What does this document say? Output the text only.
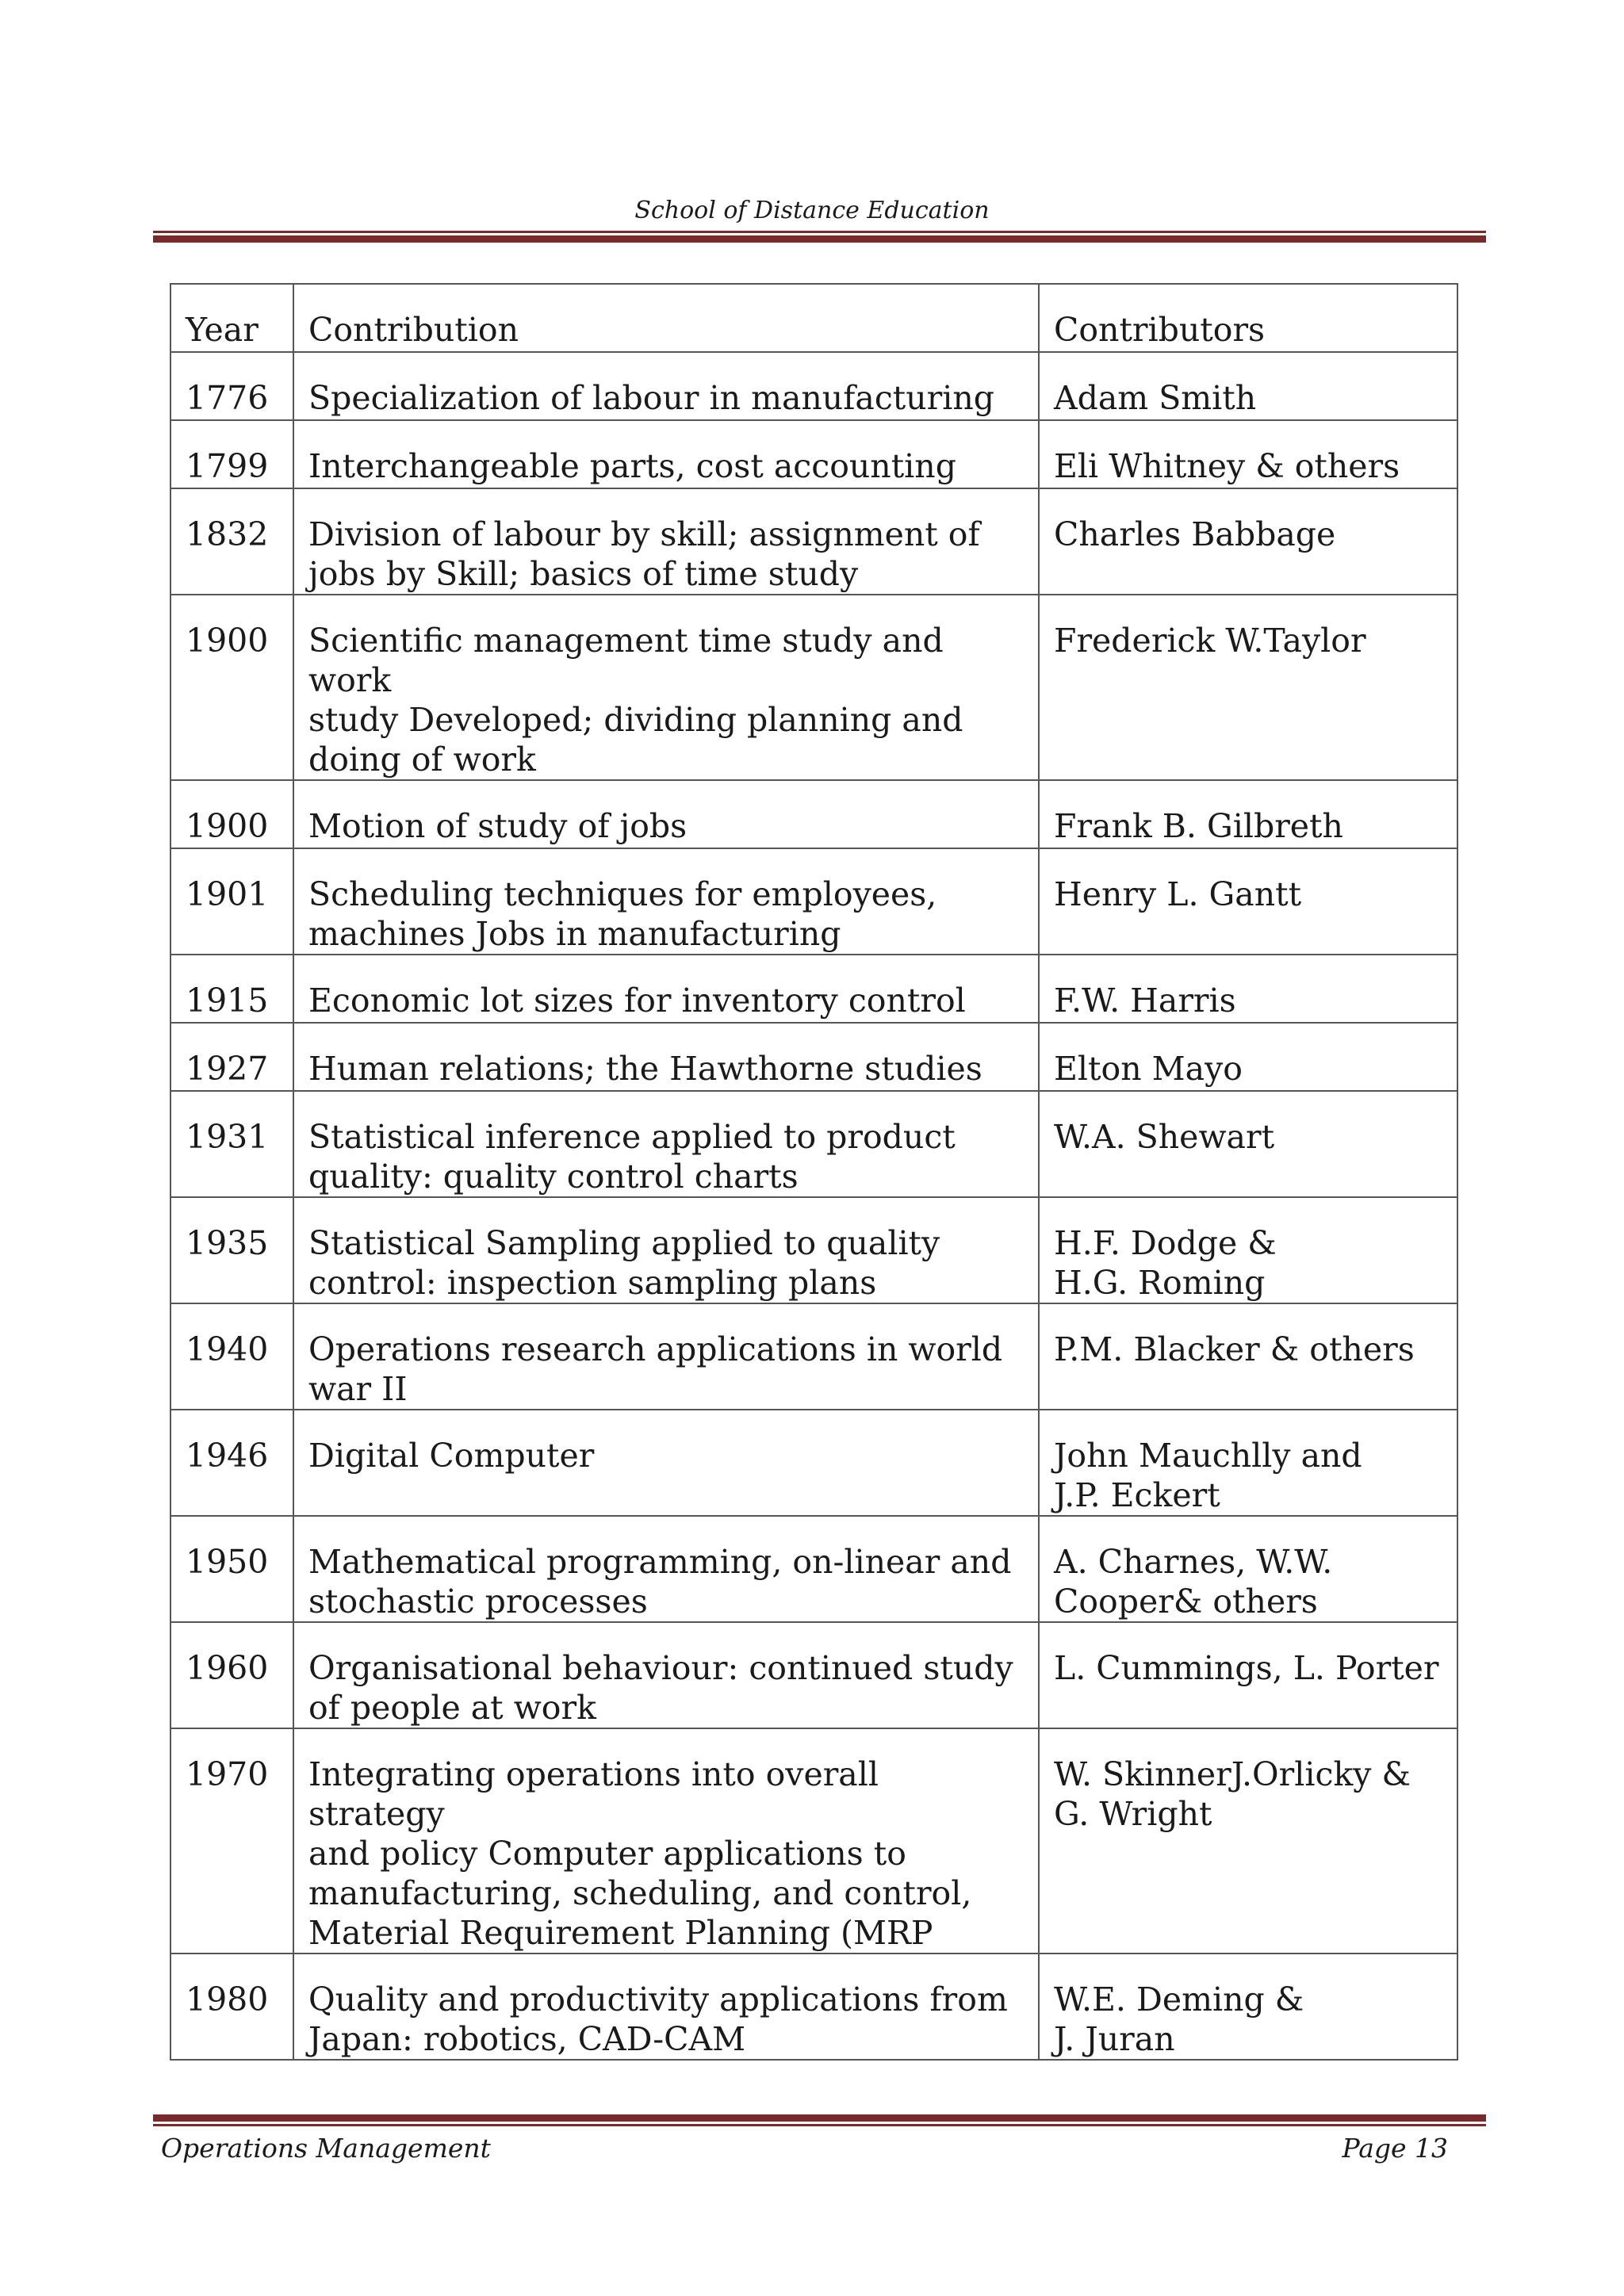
School of Distance Education
Year	Contribution	Contributors
1776	Specialization of labour in manufacturing	Adam Smith
1799	Interchangeable parts, cost accounting	Eli Whitney & others
1832	Division of labour by skill; assignment of
jobs by Skill; basics of time study	Charles Babbage
1900	Scientific management time study and work
study Developed; dividing planning and
doing of work	Frederick W.Taylor
1900	Motion of study of jobs	Frank B. Gilbreth
1901	Scheduling techniques for employees,
machines Jobs in manufacturing	Henry L. Gantt
1915	Economic lot sizes for inventory control	F.W. Harris
1927	Human relations; the Hawthorne studies	Elton Mayo
1931	Statistical inference applied to product
quality: quality control charts	W.A. Shewart
1935	Statistical Sampling applied to quality
control: inspection sampling plans	H.F. Dodge &
H.G. Roming
1940	Operations research applications in world
war II	P.M. Blacker & others
1946	Digital Computer	John Mauchlly and
J.P. Eckert
1950	Mathematical programming, on-linear and
stochastic processes	A. Charnes, W.W.
Cooper& others
1960	Organisational behaviour: continued study
of people at work	L. Cummings, L. Porter
1970	Integrating operations into overall strategy
and policy Computer applications to
manufacturing, scheduling, and control,
Material Requirement Planning (MRP	W. SkinnerJ.Orlicky &
G. Wright
1980	Quality and productivity applications from
Japan: robotics, CAD-CAM	W.E. Deming &
J. Juran
Operations Management	Page 13
